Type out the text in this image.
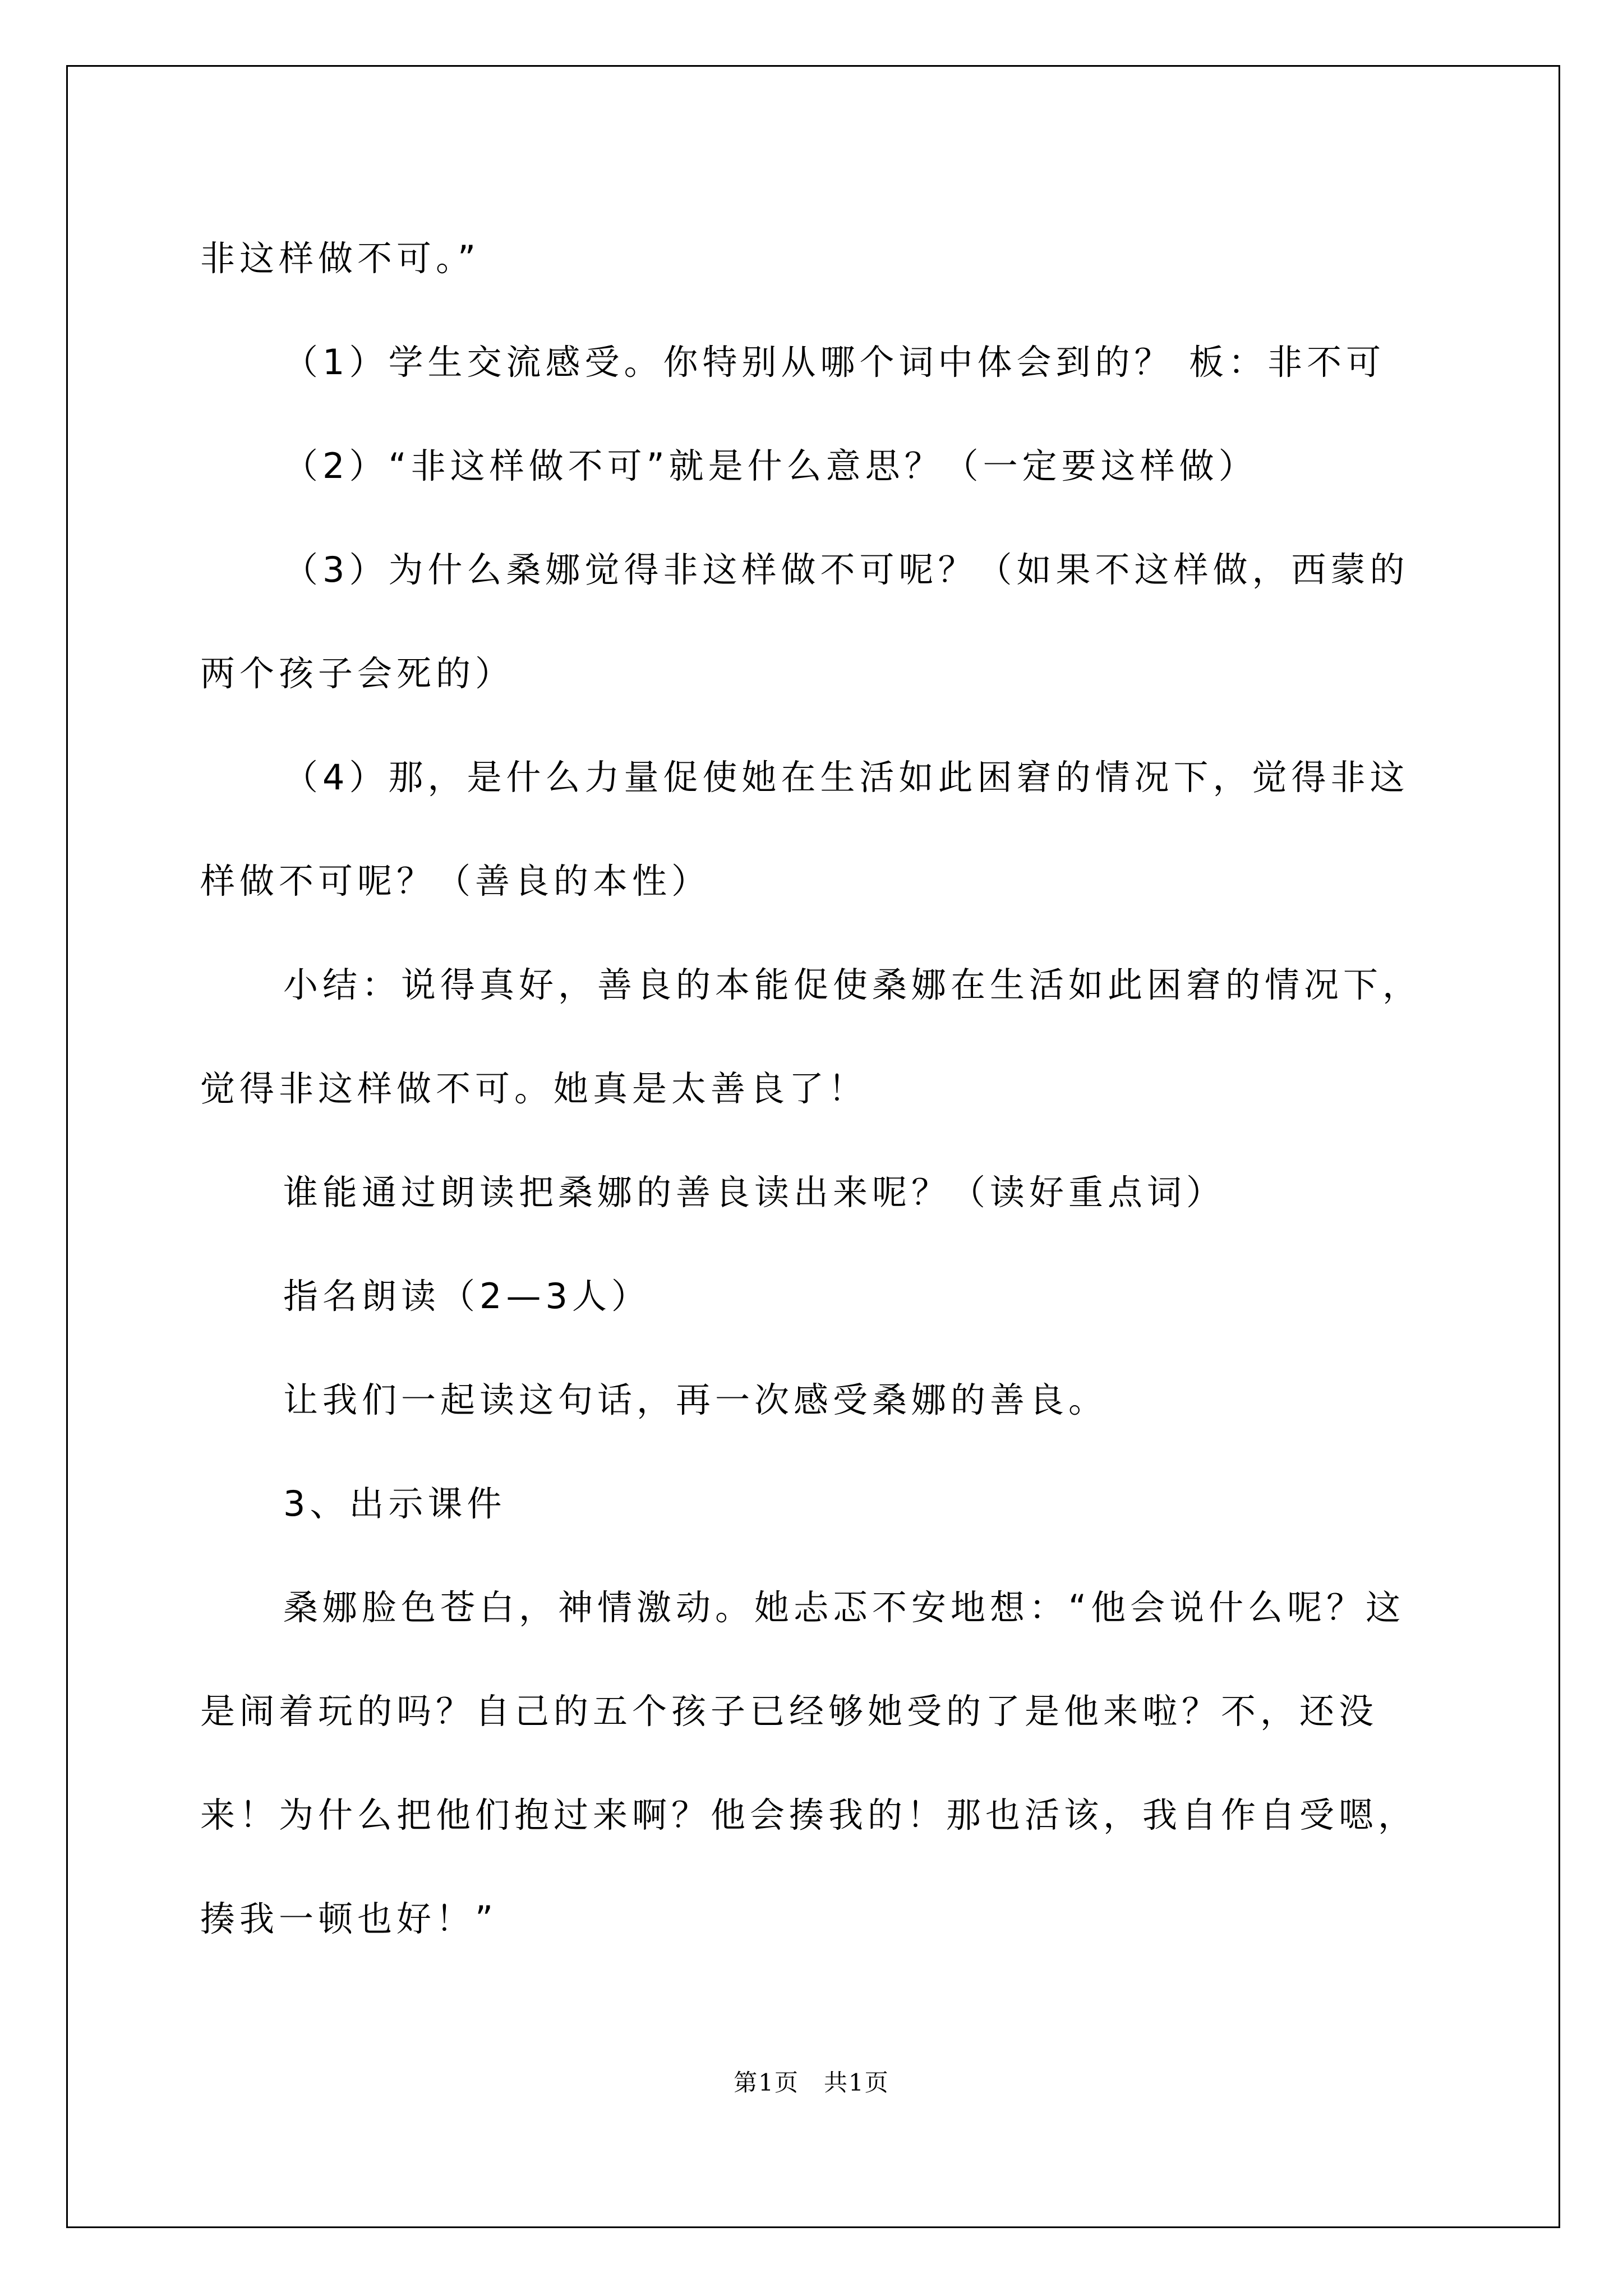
非这样做不可。”

（1）学生交流感受。你特别从哪个词中体会到的？ 板：非不可

（2）“非这样做不可”就是什么意思？（一定要这样做）

（3）为什么桑娜觉得非这样做不可呢？（如果不这样做，西蒙的两个孩子会死的）

（4）那，是什么力量促使她在生活如此困窘的情况下，觉得非这样做不可呢？（善良的本性）

小结：说得真好，善良的本能促使桑娜在生活如此困窘的情况下，觉得非这样做不可。她真是太善良了！

谁能通过朗读把桑娜的善良读出来呢？（读好重点词）

指名朗读（2—3人）

让我们一起读这句话，再一次感受桑娜的善良。

3、出示课件

桑娜脸色苍白，神情激动。她忐忑不安地想：“他会说什么呢？这是闹着玩的吗？自己的五个孩子已经够她受的了是他来啦？不，还没来！为什么把他们抱过来啊？他会揍我的！那也活该，我自作自受嗯，揍我一顿也好！”

第1页　共1页
